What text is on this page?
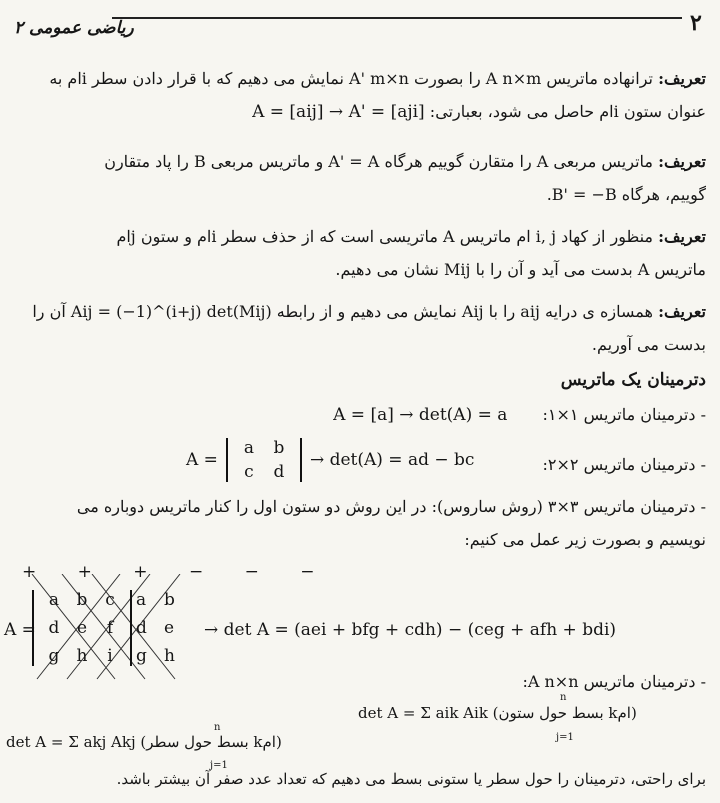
۲
ریاضی عمومی ۲
تعریف: ترانهاده ماتریس A n×m را بصورت A' m×n نمایش می دهیم که با قرار دادن سطر iام به
عنوان ستون iام حاصل می شود، بعبارتی: A = [aij] → A' = [aji]
تعریف: ماتریس مربعی A را متقارن گوییم هرگاه A' = A و ماتریس مربعی B را پاد متقارن
گوییم، هرگاه B' = −B.
تعریف: منظور از کهاد i, j ام ماتریس A ماتریسی است که از حذف سطر iام و ستون jام
ماتریس A بدست می آید و آن را با Mij نشان می دهیم.
تعریف: همسازه ی درایه aij را با Aij نمایش می دهیم و از رابطه Aij = (−1)^(i+j) det(Mij) آن را
بدست می آوریم.
دترمینان یک ماتریس
- دترمینان ماتریس ۱×۱: A = [a] → det(A) = a
- دترمینان ماتریس ۲×۲:
A =
a	b
c	d
→ det(A) = ad − bc
- دترمینان ماتریس ۳×۳ (روش ساروس): در این روش دو ستون اول را کنار ماتریس دوباره می
نویسیم و بصورت زیر عمل می کنیم:
+ + + − − −
A =
a	b	c
d	e	f
g	h	i
a	b
d	e
g	h
→ det A = (aei + bfg + cdh) − (ceg + afh + bdi)
- دترمینان ماتریس A n×n:
det A = Σ aik Aik (بسط حول ستون kام)
n
j=1
det A = Σ akj Akj (بسط حول سطر kام)
n
j=1
برای راحتی، دترمینان را حول سطر یا ستونی بسط می دهیم که تعداد عدد صفر آن بیشتر باشد.
